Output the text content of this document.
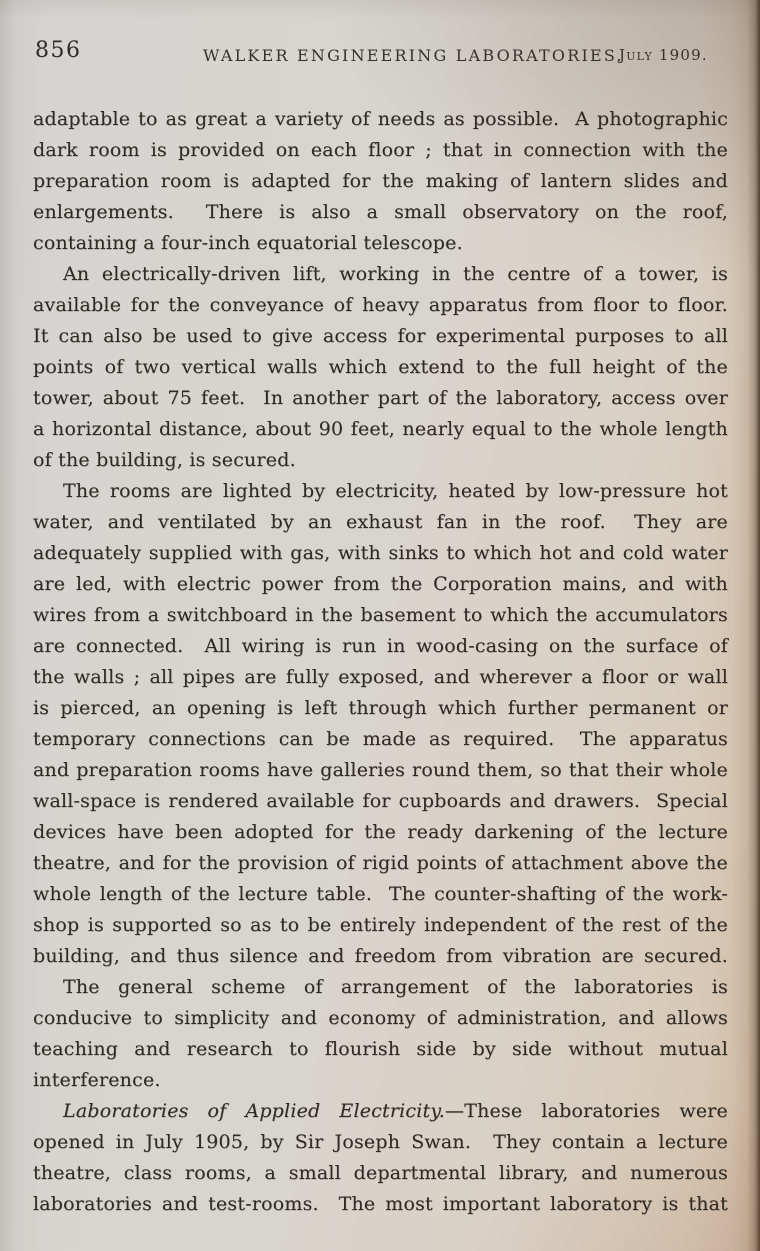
856	WALKER ENGINEERING LABORATORIES.
July 1909.
adaptable to as great a variety of needs as possible.  A photographic
dark room is provided on each floor ; that in connection with the
preparation room is adapted for the making of lantern slides and
enlargements.  There is also a small observatory on the roof,
containing a four-inch equatorial telescope.
An electrically-driven lift, working in the centre of a tower, is
available for the conveyance of heavy apparatus from floor to floor.
It can also be used to give access for experimental purposes to all
points of two vertical walls which extend to the full height of the
tower, about 75 feet.  In another part of the laboratory, access over
a horizontal distance, about 90 feet, nearly equal to the whole length
of the building, is secured.
The rooms are lighted by electricity, heated by low-pressure hot
water, and ventilated by an exhaust fan in the roof.  They are
adequately supplied with gas, with sinks to which hot and cold water
are led, with electric power from the Corporation mains, and with
wires from a switchboard in the basement to which the accumulators
are connected.  All wiring is run in wood-casing on the surface of
the walls ; all pipes are fully exposed, and wherever a floor or wall
is pierced, an opening is left through which further permanent or
temporary connections can be made as required.  The apparatus
and preparation rooms have galleries round them, so that their whole
wall-space is rendered available for cupboards and drawers.  Special
devices have been adopted for the ready darkening of the lecture
theatre, and for the provision of rigid points of attachment above the
whole length of the lecture table.  The counter-shafting of the work-
shop is supported so as to be entirely independent of the rest of the
building, and thus silence and freedom from vibration are secured.
The general scheme of arrangement of the laboratories is
conducive to simplicity and economy of administration, and allows
teaching and research to flourish side by side without mutual
interference.
Laboratories of Applied Electricity.—These laboratories were
opened in July 1905, by Sir Joseph Swan.  They contain a lecture
theatre, class rooms, a small departmental library, and numerous
laboratories and test-rooms.  The most important laboratory is that
